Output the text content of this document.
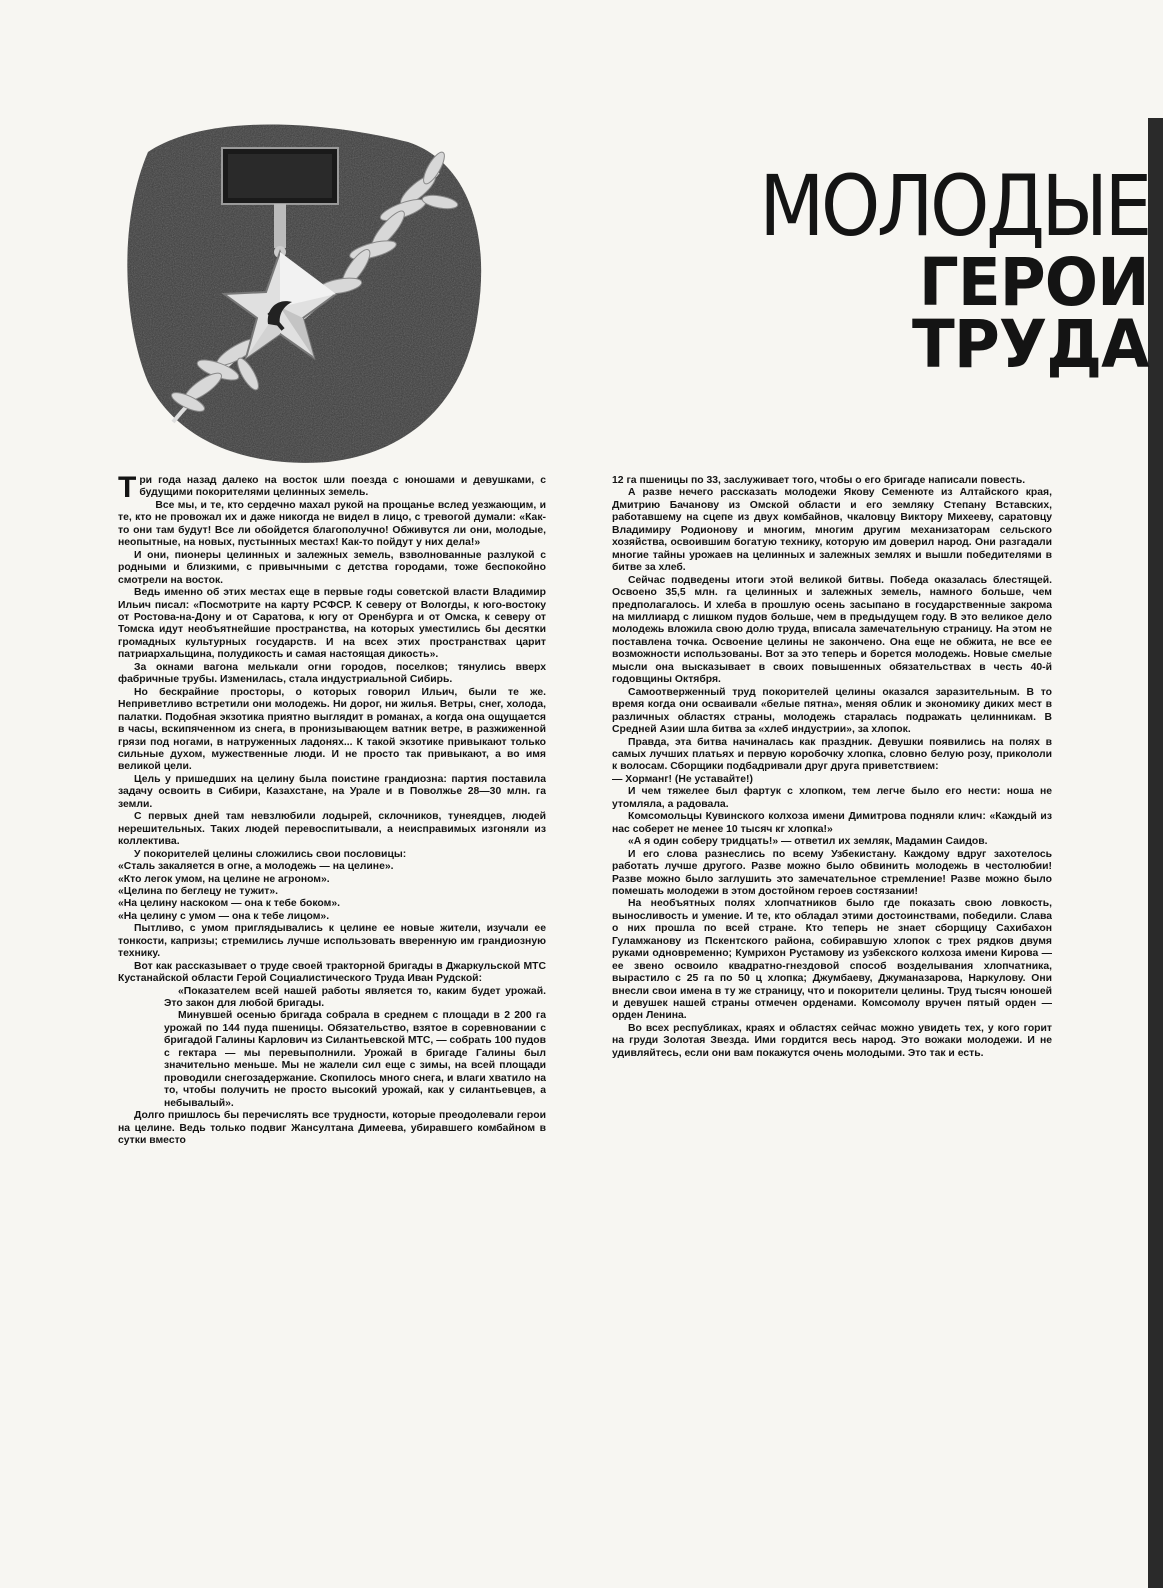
МОЛОДЫЕ
ГЕРОИ
ТРУДА

Три года назад далеко на восток шли поезда с юношами и девушками, с будущими покорителями целинных земель.

Все мы, и те, кто сердечно махал рукой на прощанье вслед уезжающим, и те, кто не провожал их и даже никогда не видел в лицо, с тревогой думали: «Как-то они там будут! Все ли обойдется благополучно! Обживутся ли они, молодые, неопытные, на новых, пустынных местах! Как-то пойдут у них дела!»

И они, пионеры целинных и залежных земель, взволнованные разлукой с родными и близкими, с привычными с детства городами, тоже беспокойно смотрели на восток.

Ведь именно об этих местах еще в первые годы советской власти Владимир Ильич писал: «Посмотрите на карту РСФСР. К северу от Вологды, к юго-востоку от Ростова-на-Дону и от Саратова, к югу от Оренбурга и от Омска, к северу от Томска идут необъятнейшие пространства, на которых уместились бы десятки громадных культурных государств. И на всех этих пространствах царит патриархальщина, полудикость и самая настоящая дикость».

За окнами вагона мелькали огни городов, поселков; тянулись вверх фабричные трубы. Изменилась, стала индустриальной Сибирь.

Но бескрайние просторы, о которых говорил Ильич, были те же. Неприветливо встретили они молодежь. Ни дорог, ни жилья. Ветры, снег, холода, палатки. Подобная экзотика приятно выглядит в романах, а когда она ощущается в часы, вскипяченном из снега, в пронизывающем ватник ветре, в разжиженной грязи под ногами, в натруженных ладонях... К такой экзотике привыкают только сильные духом, мужественные люди. И не просто так привыкают, а во имя великой цели.

Цель у пришедших на целину была поистине грандиозна: партия поставила задачу освоить в Сибири, Казахстане, на Урале и в Поволжье 28—30 млн. га земли.

С первых дней там невзлюбили лодырей, склочников, тунеядцев, людей нерешительных. Таких людей перевоспитывали, а неисправимых изгоняли из коллектива.

У покорителей целины сложились свои пословицы:

«Сталь закаляется в огне, а молодежь — на целине».

«Кто легок умом, на целине не агроном».

«Целина по беглецу не тужит».

«На целину наскоком — она к тебе боком».

«На целину с умом — она к тебе лицом».

Пытливо, с умом приглядывались к целине ее новые жители, изучали ее тонкости, капризы; стремились лучше использовать вверенную им грандиозную технику.

Вот как рассказывает о труде своей тракторной бригады в Джаркульской МТС Кустанайской области Герой Социалистического Труда Иван Рудской:

«Показателем всей нашей работы является то, каким будет урожай. Это закон для любой бригады.

Минувшей осенью бригада собрала в среднем с площади в 2 200 га урожай по 144 пуда пшеницы. Обязательство, взятое в соревновании с бригадой Галины Карлович из Силантьевской МТС, — собрать 100 пудов с гектара — мы перевыполнили. Урожай в бригаде Галины был значительно меньше. Мы не жалели сил еще с зимы, на всей площади проводили снегозадержание. Скопилось много снега, и влаги хватило на то, чтобы получить не просто высокий урожай, как у силантьевцев, а небывалый».

Долго пришлось бы перечислять все трудности, которые преодолевали герои на целине. Ведь только подвиг Жансултана Димеева, убиравшего комбайном в сутки вместо

12 га пшеницы по 33, заслуживает того, чтобы о его бригаде написали повесть.

А разве нечего рассказать молодежи Якову Семенюте из Алтайского края, Дмитрию Бачанову из Омской области и его земляку Степану Вставских, работавшему на сцепе из двух комбайнов, чкаловцу Виктору Михееву, саратовцу Владимиру Родионову и многим, многим другим механизаторам сельского хозяйства, освоившим богатую технику, которую им доверил народ. Они разгадали многие тайны урожаев на целинных и залежных землях и вышли победителями в битве за хлеб.

Сейчас подведены итоги этой великой битвы. Победа оказалась блестящей. Освоено 35,5 млн. га целинных и залежных земель, намного больше, чем предполагалось. И хлеба в прошлую осень засыпано в государственные закрома на миллиард с лишком пудов больше, чем в предыдущем году. В это великое дело молодежь вложила свою долю труда, вписала замечательную страницу. На этом не поставлена точка. Освоение целины не закончено. Она еще не обжита, не все ее возможности использованы. Вот за это теперь и борется молодежь. Новые смелые мысли она высказывает в своих повышенных обязательствах в честь 40-й годовщины Октября.

Самоотверженный труд покорителей целины оказался заразительным. В то время когда они осваивали «белые пятна», меняя облик и экономику диких мест в различных областях страны, молодежь старалась подражать целинникам. В Средней Азии шла битва за «хлеб индустрии», за хлопок.

Правда, эта битва начиналась как праздник. Девушки появились на полях в самых лучших платьях и первую коробочку хлопка, словно белую розу, прикололи к волосам. Сборщики подбадривали друг друга приветствием:

— Хорманг! (Не уставайте!)

И чем тяжелее был фартук с хлопком, тем легче было его нести: ноша не утомляла, а радовала.

Комсомольцы Кувинского колхоза имени Димитрова подняли клич: «Каждый из нас соберет не менее 10 тысяч кг хлопка!»

«А я один соберу тридцать!» — ответил их земляк, Мадамин Саидов.

И его слова разнеслись по всему Узбекистану. Каждому вдруг захотелось работать лучше другого. Разве можно было обвинить молодежь в честолюбии! Разве можно было заглушить это замечательное стремление! Разве можно было помешать молодежи в этом достойном героев состязании!

На необъятных полях хлопчатников было где показать свою ловкость, выносливость и умение. И те, кто обладал этими достоинствами, победили. Слава о них прошла по всей стране. Кто теперь не знает сборщицу Сахибахон Гуламжанову из Пскентского района, собиравшую хлопок с трех рядков двумя руками одновременно; Кумрихон Рустамову из узбекского колхоза имени Кирова — ее звено освоило квадратно-гнездовой способ возделывания хлопчатника, вырастило с 25 га по 50 ц хлопка; Джумбаеву, Джуманазарова, Наркулову. Они внесли свои имена в ту же страницу, что и покорители целины. Труд тысяч юношей и девушек нашей страны отмечен орденами. Комсомолу вручен пятый орден — орден Ленина.

Во всех республиках, краях и областях сейчас можно увидеть тех, у кого горит на груди Золотая Звезда. Ими гордится весь народ. Это вожаки молодежи. И не удивляйтесь, если они вам покажутся очень молодыми. Это так и есть.
